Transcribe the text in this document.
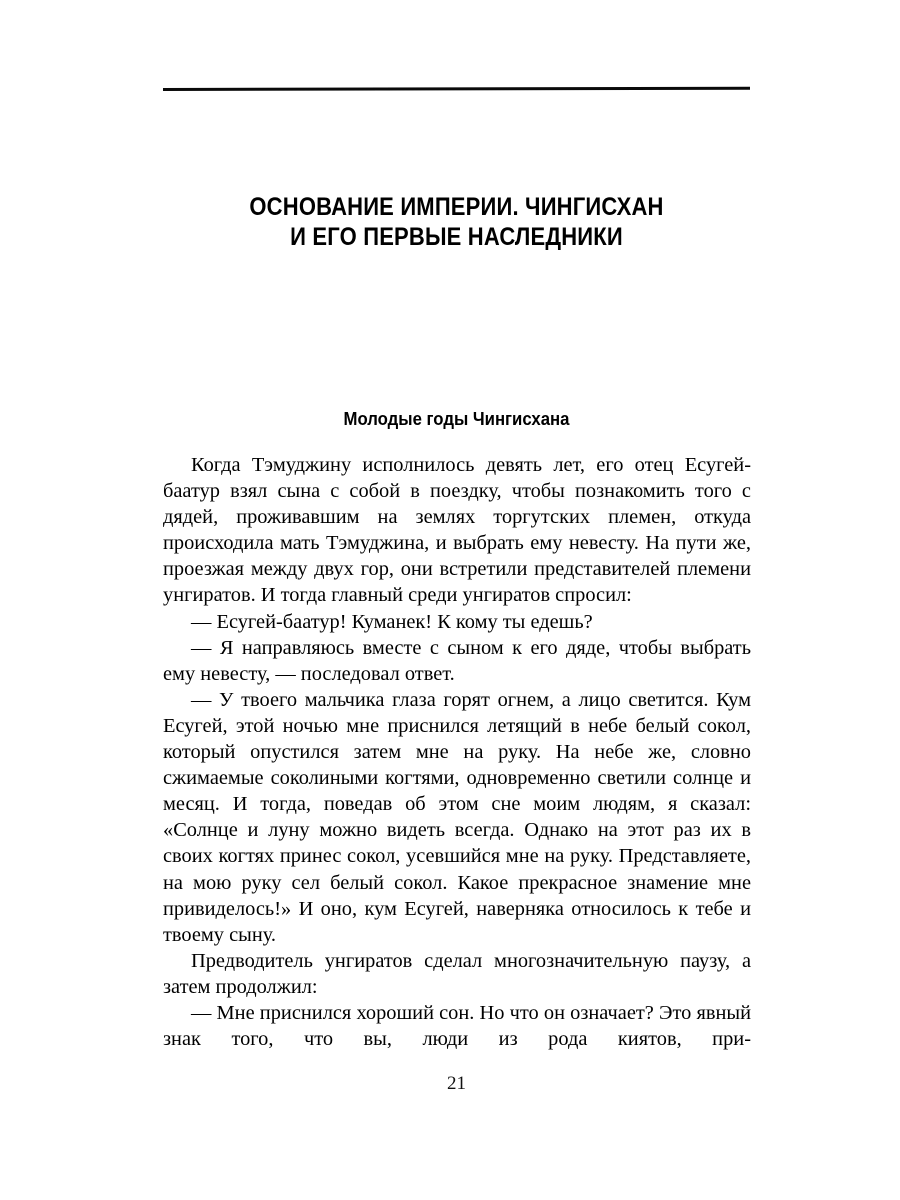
ОСНОВАНИЕ ИМПЕРИИ. ЧИНГИСХАН
И ЕГО ПЕРВЫЕ НАСЛЕДНИКИ
Молодые годы Чингисхана

Когда Тэмуджину исполнилось девять лет, его отец Есугей-баатур взял сына с собой в поездку, чтобы познакомить того с дядей, проживавшим на землях торгутских племен, откуда происходила мать Тэмуджина, и выбрать ему невесту. На пути же, проезжая между двух гор, они встретили представителей племени унгиратов. И тогда главный среди унгиратов спросил:

— Есугей-баатур! Куманек! К кому ты едешь?

— Я направляюсь вместе с сыном к его дяде, чтобы выбрать ему невесту, — последовал ответ.

— У твоего мальчика глаза горят огнем, а лицо светится. Кум Есугей, этой ночью мне приснился летящий в небе белый сокол, который опустился затем мне на руку. На небе же, словно сжимаемые соколиными когтями, одновременно светили солнце и месяц. И тогда, поведав об этом сне моим людям, я сказал: «Солнце и луну можно видеть всегда. Однако на этот раз их в своих когтях принес сокол, усевшийся мне на руку. Представляете, на мою руку сел белый сокол. Какое прекрасное знамение мне привиделось!» И оно, кум Есугей, наверняка относилось к тебе и твоему сыну.

Предводитель унгиратов сделал многозначительную паузу, а затем продолжил:

— Мне приснился хороший сон. Но что он означает? Это явный знак того, что вы, люди из рода киятов, при-

21
